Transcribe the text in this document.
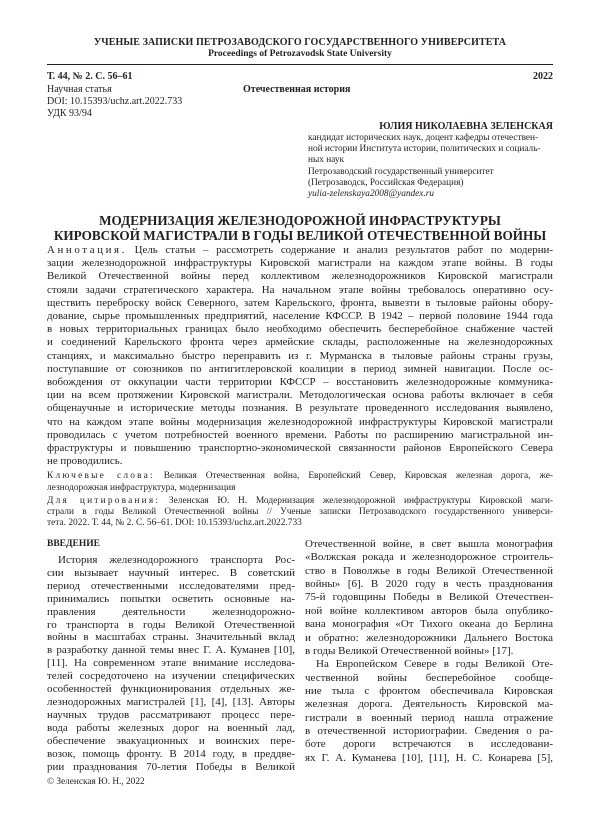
УЧЕНЫЕ ЗАПИСКИ ПЕТРОЗАВОДСКОГО ГОСУДАРСТВЕННОГО УНИВЕРСИТЕТА
Proceedings of Petrozavodsk State University
Т. 44, № 2. С. 56–61	2022
Научная статья	Отечественная история
DOI: 10.15393/uchz.art.2022.733
УДК 93/94
ЮЛИЯ НИКОЛАЕВНА ЗЕЛЕНСКАЯ
кандидат исторических наук, доцент кафедры отечествен-
ной истории Института истории, политических и социаль-
ных наук
Петрозаводский государственный университет
(Петрозаводск, Российская Федерация)
yulia-zelenskaya2008@yandex.ru
МОДЕРНИЗАЦИЯ ЖЕЛЕЗНОДОРОЖНОЙ ИНФРАСТРУКТУРЫ
КИРОВСКОЙ МАГИСТРАЛИ В ГОДЫ ВЕЛИКОЙ ОТЕЧЕСТВЕННОЙ ВОЙНЫ
Аннотация. Цель статьи – рассмотреть содержание и анализ результатов работ по модерни-
зации железнодорожной инфраструктуры Кировской магистрали на каждом этапе войны. В годы
Великой Отечественной войны перед коллективом железнодорожников Кировской магистрали
стояли задачи стратегического характера. На начальном этапе войны требовалось оперативно осу-
ществить переброску войск Северного, затем Карельского, фронта, вывезти в тыловые районы обору-
дование, сырье промышленных предприятий, население КФССР. В 1942 – первой половине 1944 года
в новых территориальных границах было необходимо обеспечить бесперебойное снабжение частей
и соединений Карельского фронта через армейские склады, расположенные на железнодорожных
станциях, и максимально быстро переправить из г. Мурманска в тыловые районы страны грузы,
поступавшие от союзников по антигитлеровской коалиции в период зимней навигации. После ос-
вобождения от оккупации части территории КФССР – восстановить железнодорожные коммуника-
ции на всем протяжении Кировской магистрали. Методологическая основа работы включает в себя
общенаучные и исторические методы познания. В результате проведенного исследования выявлено,
что на каждом этапе войны модернизация железнодорожной инфраструктуры Кировской магистрали
проводилась с учетом потребностей военного времени. Работы по расширению магистральной ин-
фраструктуры и повышению транспортно-экономической связанности районов Европейского Севера
не проводились.
Ключевые слова: Великая Отечественная война, Европейский Север, Кировская железная дорога, же-
лезнодорожная инфраструктура, модернизация
Для цитирования: Зеленская Ю. Н. Модернизация железнодорожной инфраструктуры Кировской маги-
страли в годы Великой Отечественной войны // Ученые записки Петрозаводского государственного универси-
тета. 2022. Т. 44, № 2. С. 56–61. DOI: 10.15393/uchz.art.2022.733
ВВЕДЕНИЕ
История железнодорожного транспорта Рос-
сии вызывает научный интерес. В советский
период отечественными исследователями пред-
принимались попытки осветить основные на-
правления деятельности железнодорожно-
го транспорта в годы Великой Отечественной
войны в масштабах страны. Значительный вклад
в разработку данной темы внес Г. А. Куманев [10],
[11]. На современном этапе внимание исследова-
телей сосредоточено на изучении специфических
особенностей функционирования отдельных же-
лезнодорожных магистралей [1], [4], [13]. Авторы
научных трудов рассматривают процесс пере-
вода работы железных дорог на военный лад,
обеспечение эвакуационных и воинских пере-
возок, помощь фронту. В 2014 году, в преддве-
рии празднования 70-летия Победы в Великой
Отечественной войне, в свет вышла монография
«Волжская рокада и железнодорожное строитель-
ство в Поволжье в годы Великой Отечественной
войны» [6]. В 2020 году в честь празднования
75-й годовщины Победы в Великой Отечествен-
ной войне коллективом авторов была опублико-
вана монография «От Тихого океана до Берлина
и обратно: железнодорожники Дальнего Востока
в годы Великой Отечественной войны» [17].
На Европейском Севере в годы Великой Оте-
чественной войны бесперебойное сообще-
ние тыла с фронтом обеспечивала Кировская
железная дорога. Деятельность Кировской ма-
гистрали в военный период нашла отражение
в отечественной историографии. Сведения о ра-
боте дороги встречаются в исследовани-
ях Г. А. Куманева [10], [11], Н. С. Конарева [5],
© Зеленская Ю. Н., 2022
